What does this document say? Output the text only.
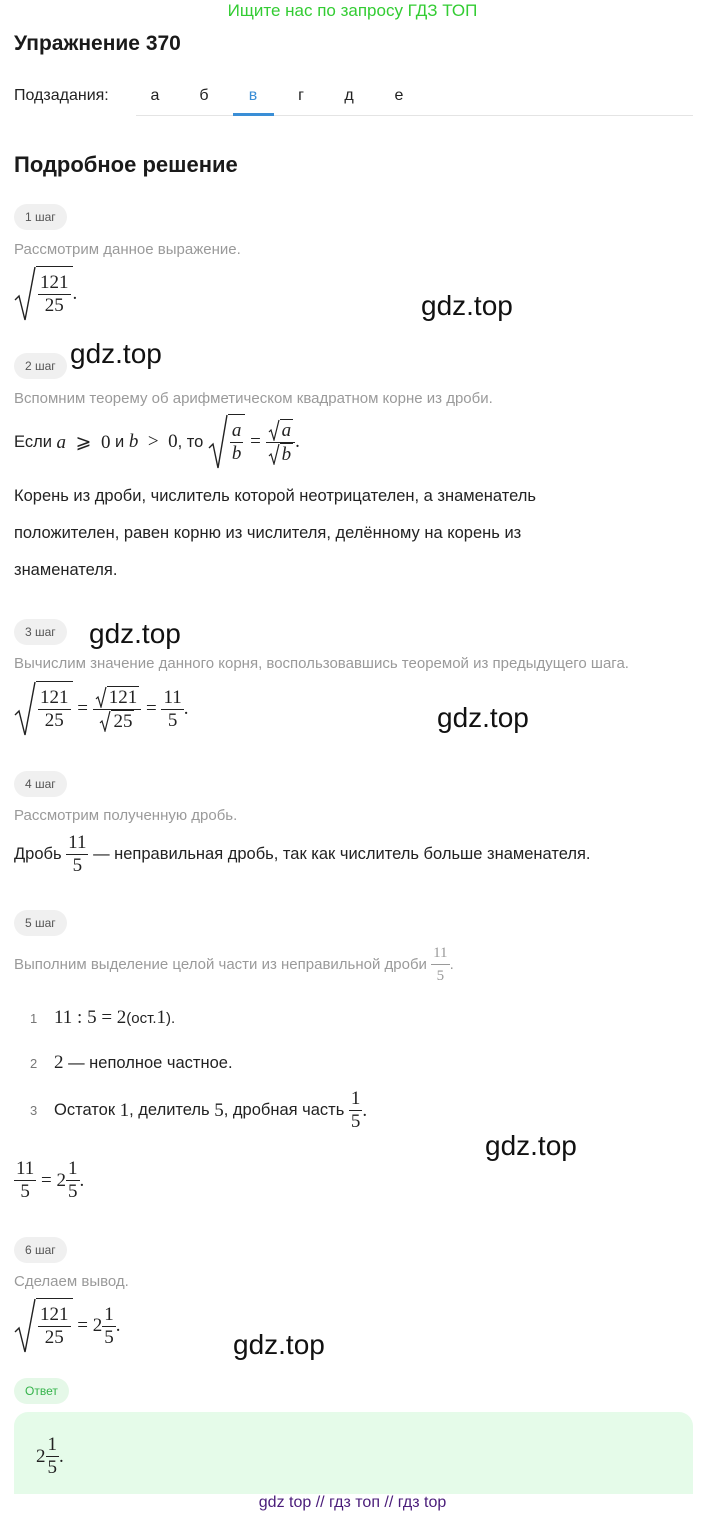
Ищите нас по запросу ГДЗ ТОП
Упражнение 370
Подзадания:	а	б	в	г	д	е
Подробное решение
1 шаг
Рассмотрим данное выражение.
$\frac{121}{25}$ .	gdz.top
gdz.top
2 шаг
Вспомним теорему об арифметическом квадратном корне из дроби.
Если
a ⩾ 0
и
b > 0 , то
$\frac{a}{b} = \frac{a}{b}$ .
Корень из дроби, числитель которой неотрицателен, а знаменатель
положителен, равен корню из числителя, делённому на корень из
знаменателя.
3 шаг	gdz.top
Вычислим значение данного корня, воспользовавшись теоремой из предыдущего шага.
$\frac{121}{25}$
=
$\frac{121}{25}$
=
$\frac{11}{5}$ .	gdz.top
4 шаг
Рассмотрим полученную дробь.
Дробь
$\frac{11}{5}$
— неправильная дробь, так как числитель больше знаменателя.
5 шаг
Выполним выделение целой части из неправильной дроби
$\frac{11}{5}$ .
1 11 : 5 = 2 (ост. 1 ).
2 2
— неполное частное.
3	Остаток
1 , делитель
5 , дробная часть
$\frac{1}{5}$ .
gdz.top
$\frac{11}{5} = 2 \frac{1}{5}$ .
6 шаг
Сделаем вывод.
$\frac{121}{25} = 2 \frac{1}{5}$ .
gdz.top
Ответ
$2 \frac{1}{5}$ .
gdz top // гдз топ // гдз top
